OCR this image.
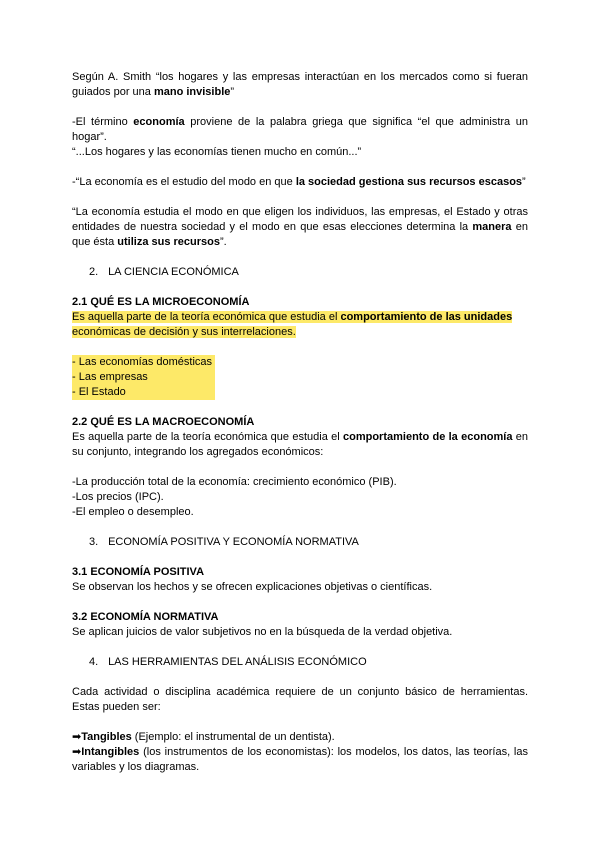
Según A. Smith “los hogares y las empresas interactúan en los mercados como si fueran guiados por una mano invisible”

-El término economía proviene de la palabra griega que significa “el que administra un hogar”.

“...Los hogares y las economías tienen mucho en común...”

-“La economía es el estudio del modo en que la sociedad gestiona sus recursos escasos”

“La economía estudia el modo en que eligen los individuos, las empresas, el Estado y otras entidades de nuestra sociedad y el modo en que esas elecciones determina la manera en que ésta utiliza sus recursos”.

2. LA CIENCIA ECONÓMICA

2.1 QUÉ ES LA MICROECONOMÍA

Es aquella parte de la teoría económica que estudia el comportamiento de las unidades
económicas de decisión y sus interrelaciones.

- Las economías domésticas
- Las empresas
- El Estado

2.2 QUÉ ES LA MACROECONOMÍA

Es aquella parte de la teoría económica que estudia el comportamiento de la economía en su conjunto, integrando los agregados económicos:

-La producción total de la economía: crecimiento económico (PIB).
-Los precios (IPC).
-El empleo o desempleo.

3. ECONOMÍA POSITIVA Y ECONOMÍA NORMATIVA

3.1 ECONOMÍA POSITIVA

Se observan los hechos y se ofrecen explicaciones objetivas o científicas.

3.2 ECONOMÍA NORMATIVA

Se aplican juicios de valor subjetivos no en la búsqueda de la verdad objetiva.

4. LAS HERRAMIENTAS DEL ANÁLISIS ECONÓMICO

Cada actividad o disciplina académica requiere de un conjunto básico de herramientas. Estas pueden ser:

➡Tangibles (Ejemplo: el instrumental de un dentista).

➡Intangibles (los instrumentos de los economistas): los modelos, los datos, las teorías, las variables y los diagramas.
